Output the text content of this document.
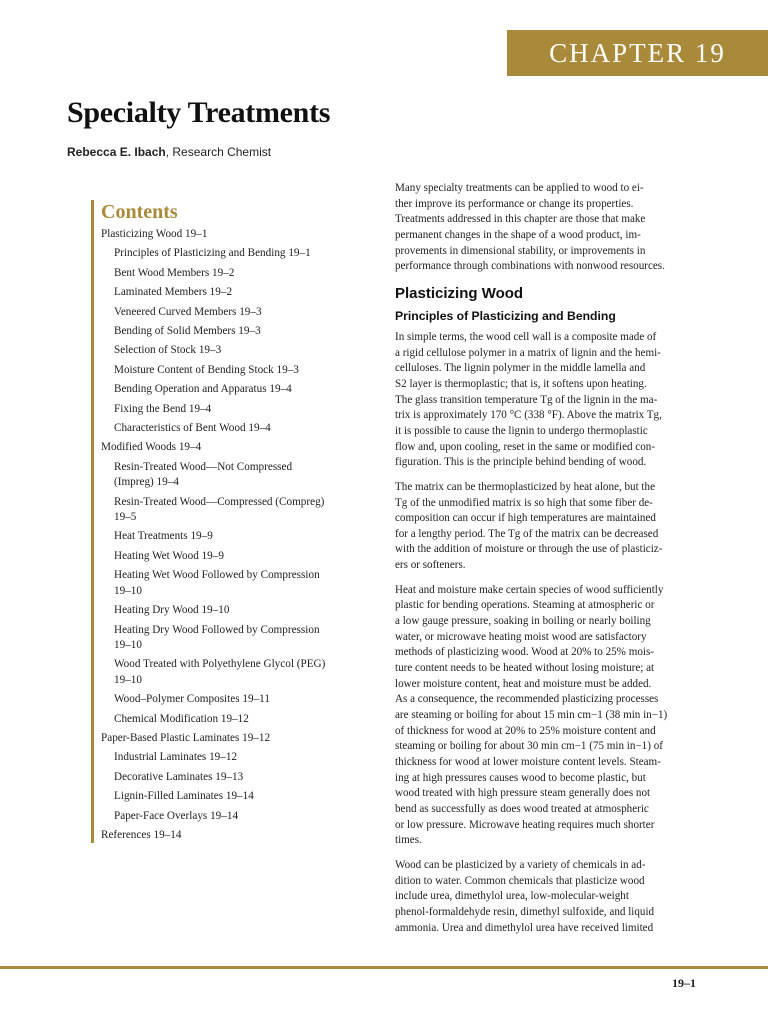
CHAPTER 19
Specialty Treatments
Rebecca E. Ibach, Research Chemist
Contents
Plasticizing Wood 19–1
Principles of Plasticizing and Bending 19–1
Bent Wood Members 19–2
Laminated Members 19–2
Veneered Curved Members 19–3
Bending of Solid Members 19–3
Selection of Stock 19–3
Moisture Content of Bending Stock 19–3
Bending Operation and Apparatus 19–4
Fixing the Bend 19–4
Characteristics of Bent Wood 19–4
Modified Woods 19–4
Resin-Treated Wood—Not Compressed (Impreg) 19–4
Resin-Treated Wood—Compressed (Compreg) 19–5
Heat Treatments 19–9
Heating Wet Wood 19–9
Heating Wet Wood Followed by Compression 19–10
Heating Dry Wood 19–10
Heating Dry Wood Followed by Compression 19–10
Wood Treated with Polyethylene Glycol (PEG) 19–10
Wood–Polymer Composites 19–11
Chemical Modification 19–12
Paper-Based Plastic Laminates 19–12
Industrial Laminates 19–12
Decorative Laminates 19–13
Lignin-Filled Laminates 19–14
Paper-Face Overlays 19–14
References 19–14

Many specialty treatments can be applied to wood to ei-
ther improve its performance or change its properties.
Treatments addressed in this chapter are those that make
permanent changes in the shape of a wood product, im-
provements in dimensional stability, or improvements in
performance through combinations with nonwood resources.

Plasticizing Wood
Principles of Plasticizing and Bending

In simple terms, the wood cell wall is a composite made of
a rigid cellulose polymer in a matrix of lignin and the hemi-
celluloses. The lignin polymer in the middle lamella and
S2 layer is thermoplastic; that is, it softens upon heating.
The glass transition temperature Tg of the lignin in the ma-
trix is approximately 170 °C (338 °F). Above the matrix Tg,
it is possible to cause the lignin to undergo thermoplastic
flow and, upon cooling, reset in the same or modified con-
figuration. This is the principle behind bending of wood.

The matrix can be thermoplasticized by heat alone, but the
Tg of the unmodified matrix is so high that some fiber de-
composition can occur if high temperatures are maintained
for a lengthy period. The Tg of the matrix can be decreased
with the addition of moisture or through the use of plasticiz-
ers or softeners.

Heat and moisture make certain species of wood sufficiently
plastic for bending operations. Steaming at atmospheric or
a low gauge pressure, soaking in boiling or nearly boiling
water, or microwave heating moist wood are satisfactory
methods of plasticizing wood. Wood at 20% to 25% mois-
ture content needs to be heated without losing moisture; at
lower moisture content, heat and moisture must be added.
As a consequence, the recommended plasticizing processes
are steaming or boiling for about 15 min cm−1 (38 min in−1)
of thickness for wood at 20% to 25% moisture content and
steaming or boiling for about 30 min cm−1 (75 min in−1) of
thickness for wood at lower moisture content levels. Steam-
ing at high pressures causes wood to become plastic, but
wood treated with high pressure steam generally does not
bend as successfully as does wood treated at atmospheric
or low pressure. Microwave heating requires much shorter
times.

Wood can be plasticized by a variety of chemicals in ad-
dition to water. Common chemicals that plasticize wood
include urea, dimethylol urea, low-molecular-weight
phenol-formaldehyde resin, dimethyl sulfoxide, and liquid
ammonia. Urea and dimethylol urea have received limited

19–1
